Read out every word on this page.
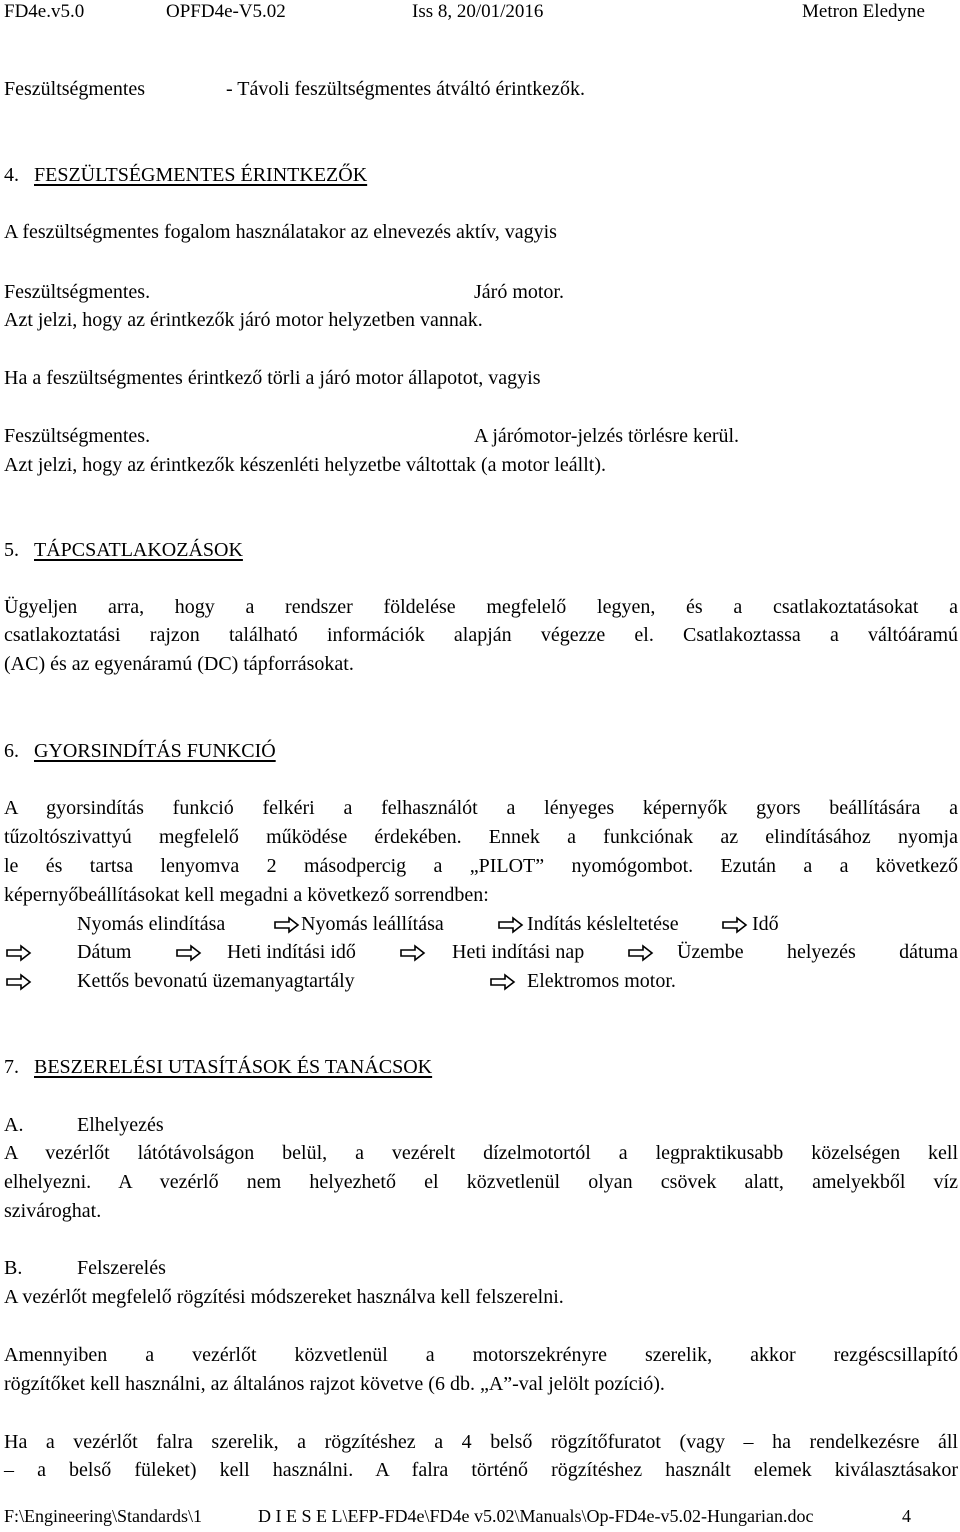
FD4e.v5.0	OPFD4e-V5.02	Iss 8, 20/01/2016	Metron Eledyne
Feszültségmentes	- Távoli feszültségmentes átváltó érintkezők.
4. FESZÜLTSÉGMENTES ÉRINTKEZŐK
A feszültségmentes fogalom használatakor az elnevezés aktív, vagyis
Feszültségmentes.	Járó motor.
Azt jelzi, hogy az érintkezők járó motor helyzetben vannak.
Ha a feszültségmentes érintkező törli a járó motor állapotot, vagyis
Feszültségmentes.	A járómotor-jelzés törlésre kerül.
Azt jelzi, hogy az érintkezők készenléti helyzetbe váltottak (a motor leállt).
5. TÁPCSATLAKOZÁSOK
Ügyeljen arra, hogy a rendszer földelése megfelelő legyen, és a csatlakoztatásokat a
csatlakoztatási rajzon található információk alapján végezze el. Csatlakoztassa a váltóáramú
(AC) és az egyenáramú (DC) tápforrásokat.
6. GYORSINDÍTÁS FUNKCIÓ
A gyorsindítás funkció felkéri a felhasználót a lényeges képernyők gyors beállítására a
tűzoltószivattyú megfelelő működése érdekében. Ennek a funkciónak az elindításához nyomja
le és tartsa lenyomva 2 másodpercig a „PILOT” nyomógombot. Ezután a a következő
képernyőbeállításokat kell megadni a következő sorrendben:
Nyomás elindítása	Nyomás leállítása	Indítás késleltetése	Idő
Dátum	Heti indítási idő	Heti indítási nap	Üzembe helyezés dátuma
Kettős bevonatú üzemanyagtartály	Elektromos motor.
7. BESZERELÉSI UTASÍTÁSOK ÉS TANÁCSOK
A.	Elhelyezés
A vezérlőt látótávolságon belül, a vezérelt dízelmotortól a legpraktikusabb közelségen kell
elhelyezni. A vezérlő nem helyezhető el közvetlenül olyan csövek alatt, amelyekből víz
szivároghat.
B.	Felszerelés
A vezérlőt megfelelő rögzítési módszereket használva kell felszerelni.
Amennyiben a vezérlőt közvetlenül a motorszekrényre szerelik, akkor rezgéscsillapító
rögzítőket kell használni, az általános rajzot követve (6 db. „A”-val jelölt pozíció).
Ha a vezérlőt falra szerelik, a rögzítéshez a 4 belső rögzítőfuratot (vagy – ha rendelkezésre áll
– a belső füleket) kell használni. A falra történő rögzítéshez használt elemek kiválasztásakor
F:\Engineering\Standards\1	D I E S E L\EFP-FD4e\FD4e v5.02\Manuals\Op-FD4e-v5.02-Hungarian.doc	4
